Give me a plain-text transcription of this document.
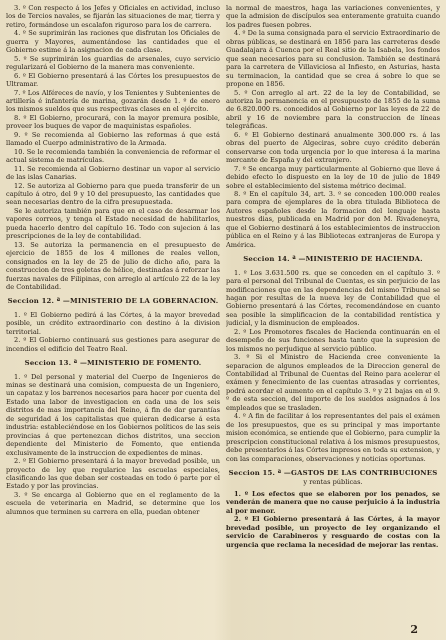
3. º Con respecto á los Jefes y Oficiales en actividad, incluso los de Tercios navales, se fijarán las situaciones de mar, tierra y retiro, formándose un escalafon riguroso para los de carrera.

4. º Se suprimirán las raciones que disfrutan los Oficiales de guerra y Mayores, aumentándose las cantidades que el Gobierno estime á la asignacion de cada clase.

5. º Se suprimirán los guardias de arsenales, cuyo servicio regularizará el Gobierno de la manera mas conveniente.

6. º El Gobierno presentará á las Córtes los presupuestos de Ultramar.

7. º Los Alféreces de navío, y los Tenientes y Subtenientes de artillería é infantería de marina, gozarán desde 1. º de enero los mismos sueldos que sus respectivas clases en el ejército.

8. º El Gobierno, procurará, con la mayor premura posible, proveer los buques de vapor de maquinistas españoles.

9. º Se recomienda al Gobierno las reformas á que está llamado el Cuerpo administrativo de la Armada.

10. Se le recomienda también la conveniencia de reformar el actual sistema de matrículas.

11. Se recomienda al Gobierno destinar un vapor al servicio de las islas Canarias.

12. Se autoriza al Gobierno para que pueda transferir de un capítulo á otro, del 9 y 10 del presupuesto, las cantidades que sean necesarias dentro de la cifra presupuestada.

Se le autoriza también para que en el caso de desarmar los vapores correos, y tenga el Estado necesidad de habilitarlos, pueda hacerlo dentro del capítulo 16. Todo con sujecion á las prescripciones de la ley de contabilidad.

13. Se autoriza la permanencia en el presupuesto de ejercicio de 1855 de los 4 millones de reales vellon, consignados en la ley de 25 de julio de dicho año, para la construccion de tres goletas de hélice, destinadas á reforzar las fuerzas navales de Filipinas, con arreglo al artículo 22 de la ley de Contabilidad.

Seccion 12. ª —MINISTERIO DE LA GOBERNACION.

1. º El Gobierno pedirá á las Córtes, á la mayor brevedad posible, un crédito extraordinario con destino á la division territorial.

2. º El Gobierno continuará sus gestiones para asegurar de incendios el edificio del Teatro Real.

Seccion 13. ª —MINISTERIO DE FOMENTO.

1. º Del personal y material del Cuerpo de Ingenieros de minas se destinará una comision, compuesta de un Ingeniero, un capataz y los barrenos necesarios para hacer por cuenta del Estado una labor de investigacion en cada una de los seis distritos de mas importancia del Reino, á fin de dar garantías de seguridad á los capitalistas que quieran dedicarse á esta industria: estableciéndose en los Gobiernos políticos de las seis provincias á que pertenezcan dichos distritos, una seccion dependiente del Ministerio de Fomento, que entienda exclusivamente de la instruccion de expedientes de minas.

2. º El Gobierno presentará á la mayor brevedad posible, un proyecto de ley que regularice las escuelas especiales, clasificando las que deban ser costeadas en todo ó parte por el Estado y por las provincias.

3. º Se encarga al Gobierno que en el reglamento de la escuela de veterinaria en Madrid, se determine que los alumnos que terminen su carrera en ella, puedan obtener

la normal de maestros, haga las variaciones convenientes, y que la admision de discípulos sea enteramente gratuita cuando los padres fuesen pobres.

4. º De la suma consignada para el servicio Extraordinario de obras públicas, se destinará en 1856 para las carreteras desde Guadalajara á Cuenca por el Real sitio de la Isabela, los fondos que sean necesarios para su conclusion. También se destinará para la carretera de Villaviciosa al Infiesto, en Asturias, hasta su terminacion, la cantidad que se crea á sobre lo que se propone en 1856.

5. º Con arreglo al art. 22 de la ley de Contabilidad, se autoriza la permanencia en el presupuesto de 1855 de la suma de 6.820.000 rs. concedidos al Gobierno por las leyes de 22 de abril y 16 de noviembre para la construccion de líneas telegráficas.

6. º El Gobierno destinará anualmente 300.000 rs. á las obras del puerto de Algeciras, sobre cuyo crédito deberán conservarse con toda urgencia por lo que interesa á la marina mercante de España y del extranjero.

7. º Se encarga muy particularmente al Gobierno que lleve á debido efecto lo dispuesto en la ley de 10 de julio de 1849 sobre el establecimiento del sistema métrico decimal.

8. º En el capítulo 34, art. 3. º se conceden 100.000 reales para compra de ejemplares de la obra titulada Biblioteca de Autores españoles desde la formacion del lenguaje hasta nuestros dias, publicada en Madrid por don M. Rivadeneyra, que el Gobierno destinará á los establecimientos de instruccion pública en el Reino y á las Bibliotecas extranjeras de Europa y América.

Seccion 14. ª —MINISTERIO DE HACIENDA.

1. º Los 3.631.500 rs. que se conceden en el capítulo 3. º para el personal del Tribunal de Cuentas, es sin perjuicio de las modificaciones que en las dependencias del mismo Tribunal se hagan por resultas de la nueva ley de Contabilidad que el Gobierno presentará á las Córtes, recomendándose en cuanto sea posible la simplificacion de la contabilidad rentística y judicial, y la disminucion de empleados.

2. º Los Promotores fiscales de Hacienda continuarán en el desempeño de sus funciones hasta tanto que la supresion de los mismos no perjudique al servicio público.

3. º Si el Ministro de Hacienda cree conveniente la separacion de algunos empleados de la Direccion general de Contabilidad al Tribunal de Cuentas del Reino para acelerar el exámen y fenecimiento de las cuentas atrasadas y corrientes, podrá acordar el aumento en el capítulo 3. º y 21 bajas en el 9. º de esta seccion, del importe de los sueldos asignados á los empleados que se trasladen.

4. º A fin de facilitar á los representantes del pais el exámen de los presupuestos, que es su principal y mas importante mision económica, se entiende que el Gobierno, para cumplir la prescripcion constitucional relativa á los mismos presupuestos, debe presentarlos á las Córtes impresos en toda su extension, y con las comparaciones, observaciones y noticias oportunas.

Seccion 15. ª —GASTOS DE LAS CONTRIBUCIONES

y rentas públicas.

1. º Los efectos que se elaboren por los penados, se venderán de manera que no cause perjuicio á la industria al por menor.

2. º El Gobierno presentará á las Córtes, á la mayor brevedad posible, un proyecto de ley organizando el servicio de Carabineros y resguardo de costas con la urgencia que reclama la necesidad de mejorar las rentas.

2
